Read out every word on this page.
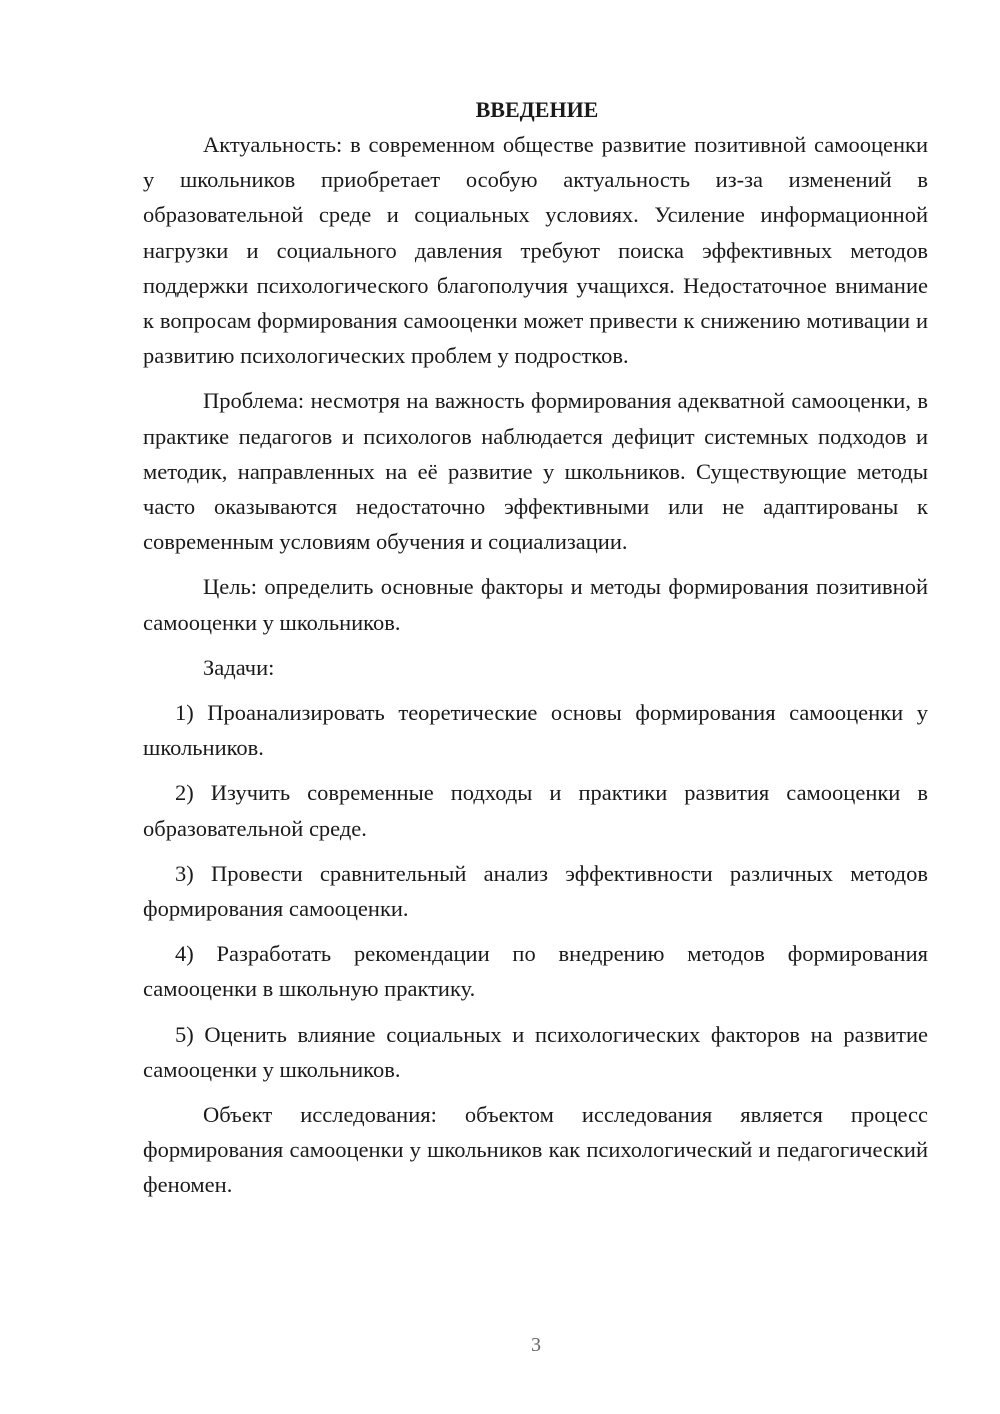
ВВЕДЕНИЕ

Актуальность: в современном обществе развитие позитивной самооценки у школьников приобретает особую актуальность из-за изменений в образовательной среде и социальных условиях. Усиление информационной нагрузки и социального давления требуют поиска эффективных методов поддержки психологического благополучия учащихся. Недостаточное внимание к вопросам формирования самооценки может привести к снижению мотивации и развитию психологических проблем у подростков.

Проблема: несмотря на важность формирования адекватной самооценки, в практике педагогов и психологов наблюдается дефицит системных подходов и методик, направленных на её развитие у школьников. Существующие методы часто оказываются недостаточно эффективными или не адаптированы к современным условиям обучения и социализации.

Цель: определить основные факторы и методы формирования позитивной самооценки у школьников.

Задачи:

1) Проанализировать теоретические основы формирования самооценки у школьников.

2) Изучить современные подходы и практики развития самооценки в образовательной среде.

3) Провести сравнительный анализ эффективности различных методов формирования самооценки.

4) Разработать рекомендации по внедрению методов формирования самооценки в школьную практику.

5) Оценить влияние социальных и психологических факторов на развитие самооценки у школьников.

Объект исследования: объектом исследования является процесс формирования самооценки у школьников как психологический и педагогический феномен.

3
